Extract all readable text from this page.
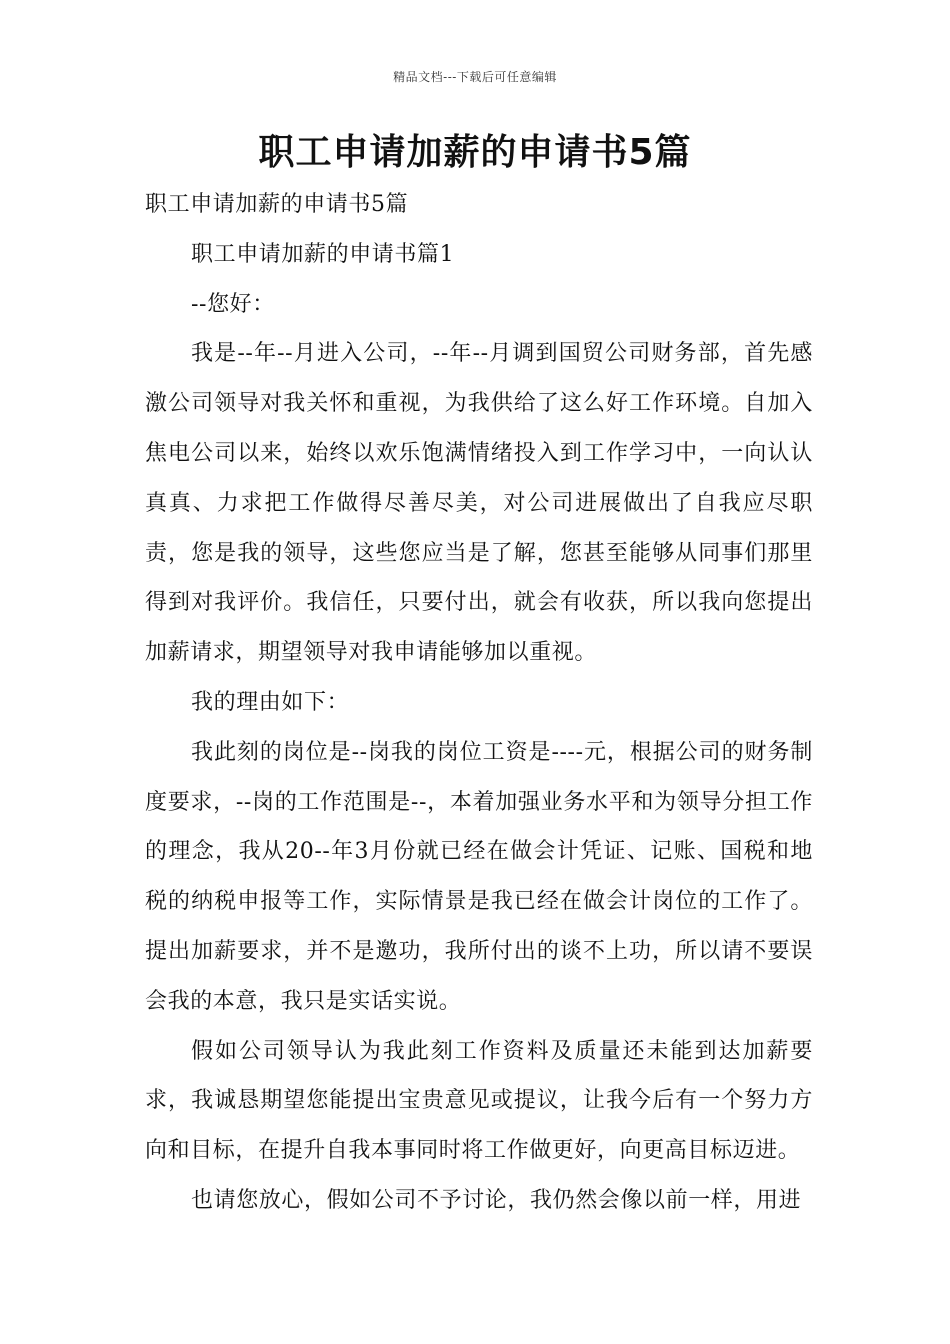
精品文档---下载后可任意编辑
职工申请加薪的申请书5篇

职工申请加薪的申请书5篇

职工申请加薪的申请书篇1

--您好：

我是--年--月进入公司，--年--月调到国贸公司财务部，首先感激公司领导对我关怀和重视，为我供给了这么好工作环境。自加入焦电公司以来，始终以欢乐饱满情绪投入到工作学习中，一向认认真真、力求把工作做得尽善尽美，对公司进展做出了自我应尽职责，您是我的领导，这些您应当是了解，您甚至能够从同事们那里得到对我评价。我信任，只要付出，就会有收获，所以我向您提出加薪请求，期望领导对我申请能够加以重视。

我的理由如下：

我此刻的岗位是--岗我的岗位工资是----元，根据公司的财务制度要求，--岗的工作范围是--，本着加强业务水平和为领导分担工作的理念，我从20--年3月份就已经在做会计凭证、记账、国税和地税的纳税申报等工作，实际情景是我已经在做会计岗位的工作了。提出加薪要求，并不是邀功，我所付出的谈不上功，所以请不要误会我的本意，我只是实话实说。

假如公司领导认为我此刻工作资料及质量还未能到达加薪要求，我诚恳期望您能提出宝贵意见或提议，让我今后有一个努力方向和目标，在提升自我本事同时将工作做更好，向更高目标迈进。

也请您放心，假如公司不予讨论，我仍然会像以前一样，用进
